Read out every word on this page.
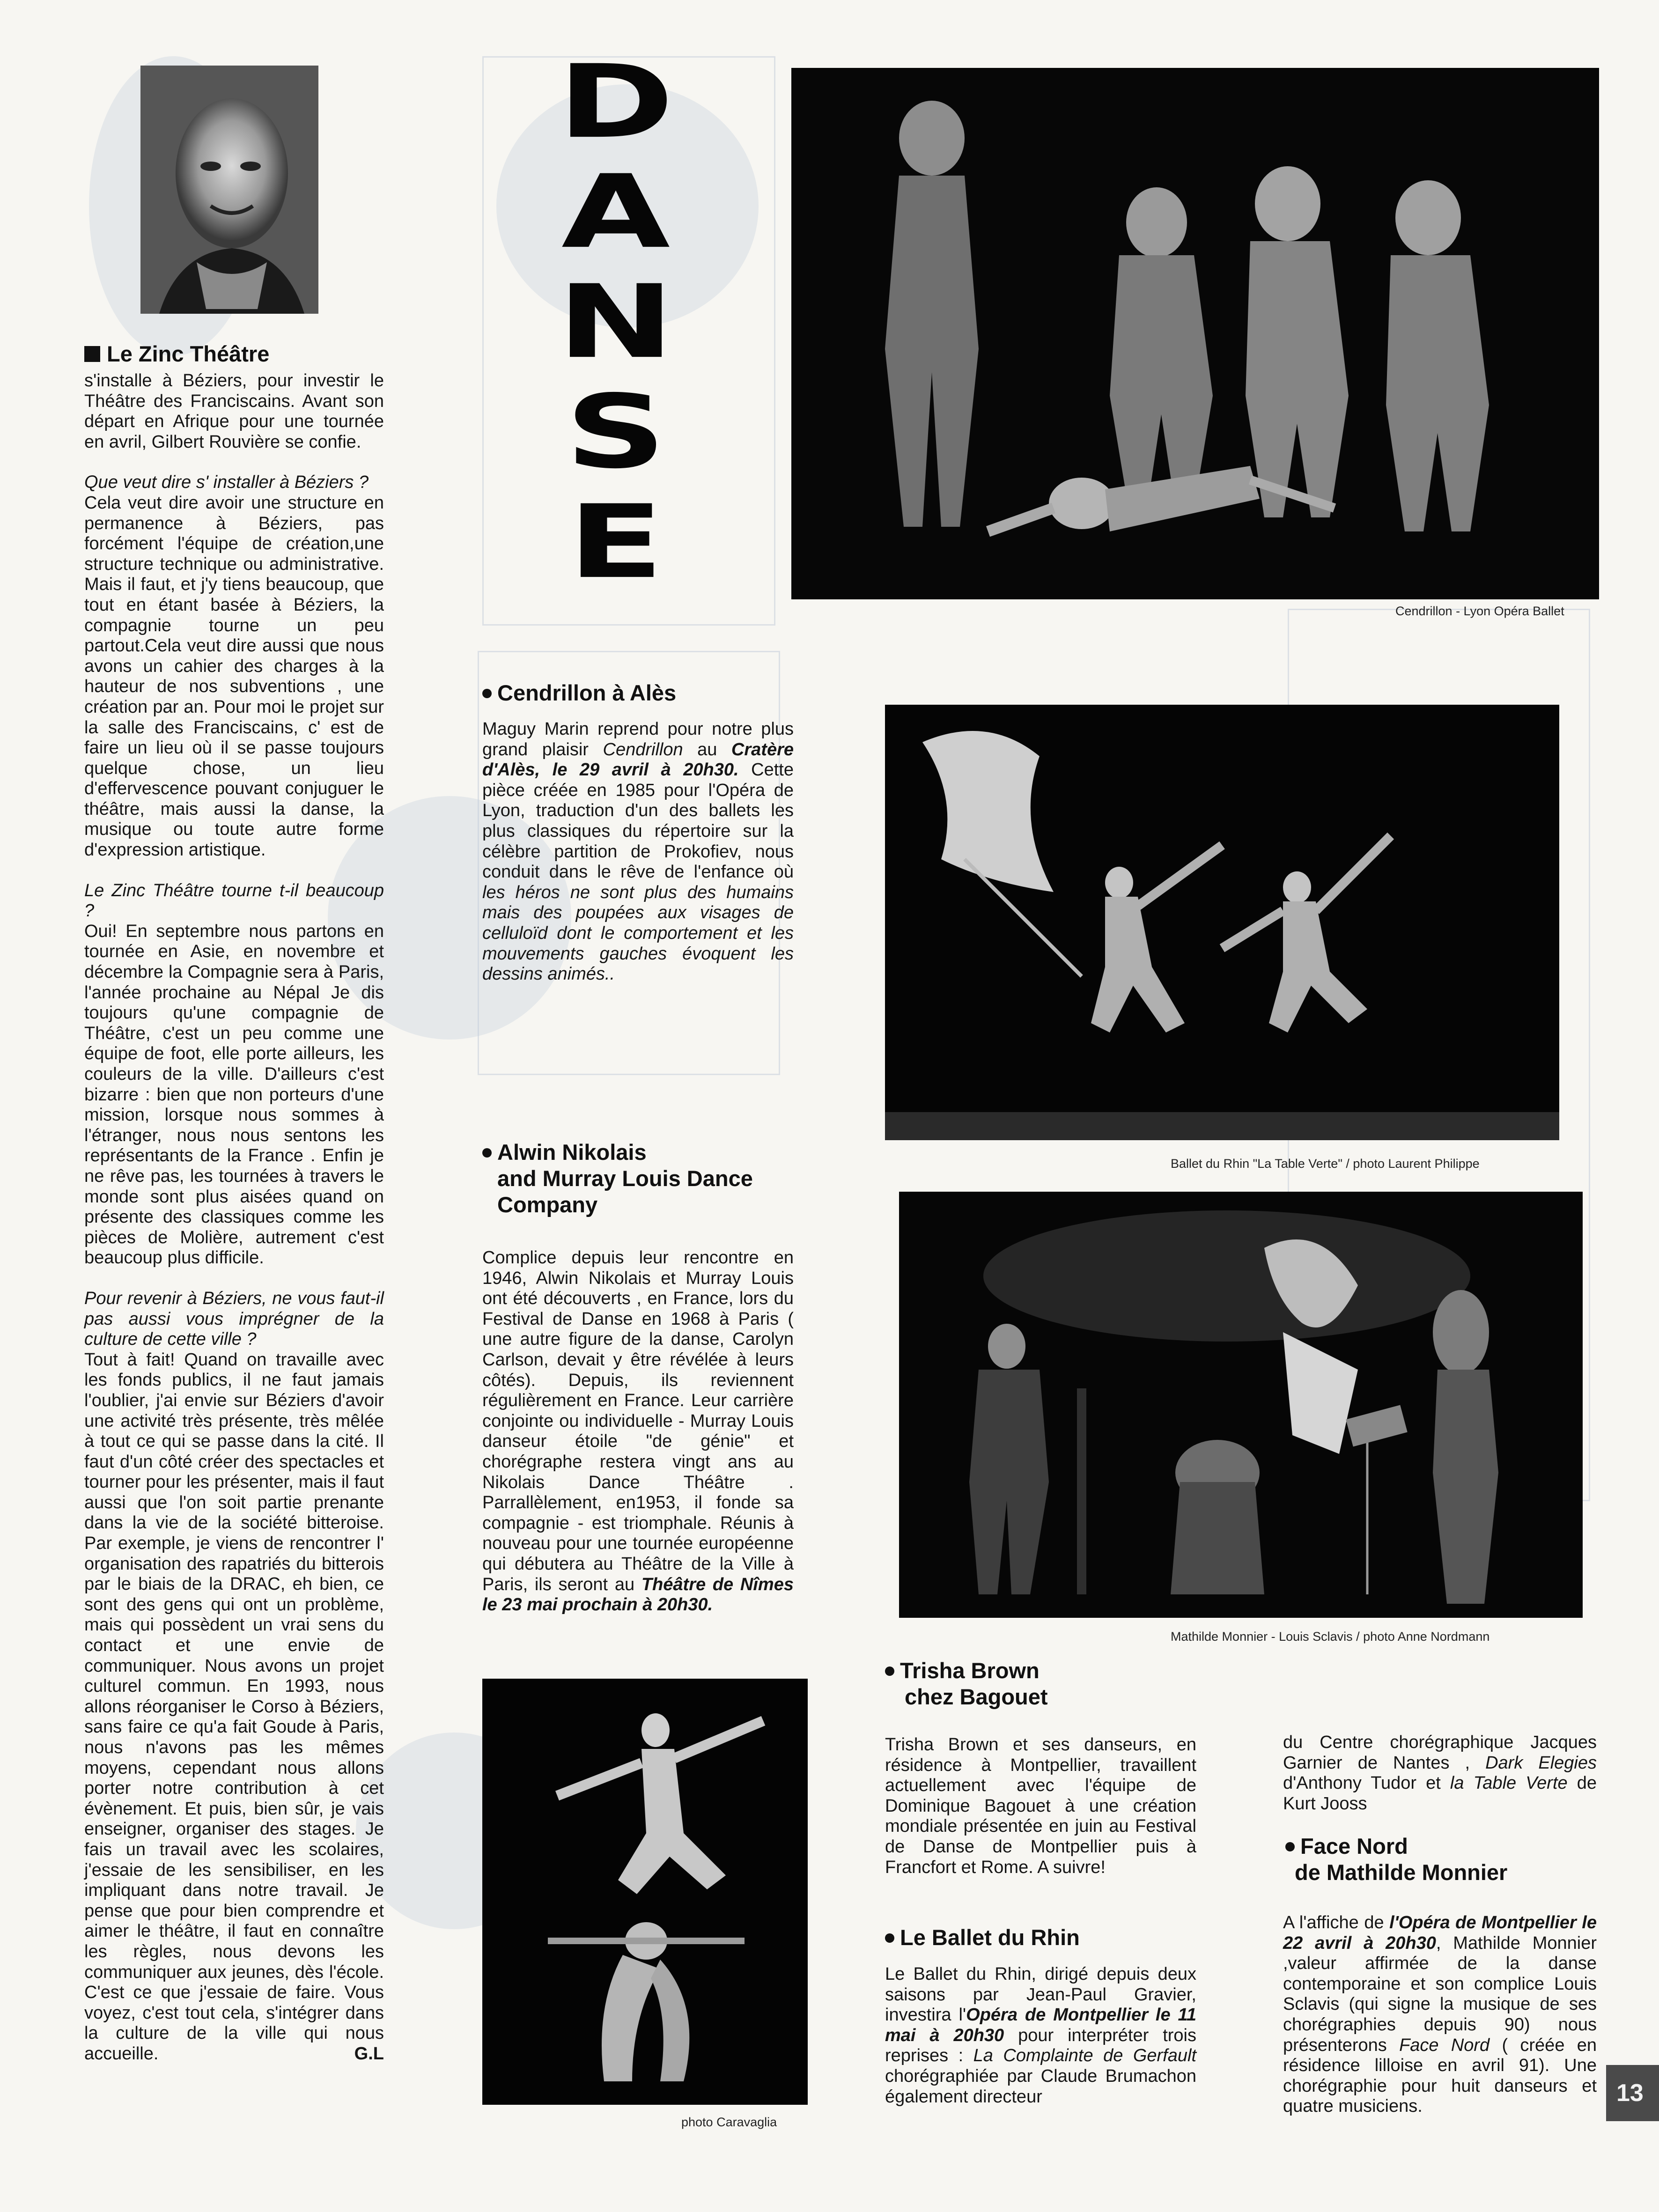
D
A
N
S
E
Cendrillon - Lyon Opéra Ballet
Ballet du Rhin "La Table Verte" / photo Laurent Philippe
Mathilde Monnier - Louis Sclavis / photo Anne Nordmann
photo Caravaglia
Le Zinc Théâtre

s'installe à Béziers, pour investir le Théâtre des Franciscains. Avant son départ en Afrique pour une tournée en avril, Gilbert Rouvière se confie.

Que veut dire s' installer à Béziers ?

Cela veut dire avoir une structure en permanence à Béziers, pas forcément l'équipe de création,une structure technique ou administrative. Mais il faut, et j'y tiens beaucoup, que tout en étant basée à Béziers, la compagnie tourne un peu partout.Cela veut dire aussi que nous avons un cahier des charges à la hauteur de nos subventions , une création par an. Pour moi le projet sur la salle des Franciscains, c' est de faire un lieu où il se passe toujours quelque chose, un lieu d'effervescence pouvant conjuguer le théâtre, mais aussi la danse, la musique ou toute autre forme d'expression artistique.

Le Zinc Théâtre tourne t-il beaucoup ?

Oui! En septembre nous partons en tournée en Asie, en novembre et décembre la Compagnie sera à Paris, l'année prochaine au Népal Je dis toujours qu'une compagnie de Théâtre, c'est un peu comme une équipe de foot, elle porte ailleurs, les couleurs de la ville. D'ailleurs c'est bizarre : bien que non porteurs d'une mission, lorsque nous sommes à l'étranger, nous nous sentons les représentants de la France . Enfin je ne rêve pas, les tournées à travers le monde sont plus aisées quand on présente des classiques comme les pièces de Molière, autrement c'est beaucoup plus difficile.

Pour revenir à Béziers, ne vous faut-il pas aussi vous imprégner de la culture de cette ville ?

Tout à fait! Quand on travaille avec les fonds publics, il ne faut jamais l'oublier, j'ai envie sur Béziers d'avoir une activité très présente, très mêlée à tout ce qui se passe dans la cité. Il faut d'un côté créer des spectacles et tourner pour les présenter, mais il faut aussi que l'on soit partie prenante dans la vie de la société bitteroise. Par exemple, je viens de rencontrer l' organisation des rapatriés du bitterois par le biais de la DRAC, eh bien, ce sont des gens qui ont un problème, mais qui possèdent un vrai sens du contact et une envie de communiquer. Nous avons un projet culturel commun. En 1993, nous allons réorganiser le Corso à Béziers, sans faire ce qu'a fait Goude à Paris, nous n'avons pas les mêmes moyens, cependant nous allons porter notre contribution à cet évènement. Et puis, bien sûr, je vais enseigner, organiser des stages. Je fais un travail avec les scolaires, j'essaie de les sensibiliser, en les impliquant dans notre travail. Je pense que pour bien comprendre et aimer le théâtre, il faut en connaître les règles, nous devons les communiquer aux jeunes, dès l'école. C'est ce que j'essaie de faire. Vous voyez, c'est tout cela, s'intégrer dans la culture de la ville qui nous accueille.	G.L

Cendrillon à Alès

Maguy Marin reprend pour notre plus grand plaisir Cendrillon au Cratère d'Alès, le 29 avril à 20h30. Cette pièce créée en 1985 pour l'Opéra de Lyon, traduction d'un des ballets les plus classiques du répertoire sur la célèbre partition de Prokofiev, nous conduit dans le rêve de l'enfance où les héros ne sont plus des humains mais des poupées aux visages de celluloïd dont le comportement et les mouvements gauches évoquent les dessins animés..

Alwin Nikolais
and Murray Louis Dance
Company

Complice depuis leur rencontre en 1946, Alwin Nikolais et Murray Louis ont été découverts , en France, lors du Festival de Danse en 1968 à Paris ( une autre figure de la danse, Carolyn Carlson, devait y être révélée à leurs côtés). Depuis, ils reviennent régulièrement en France. Leur carrière conjointe ou individuelle - Murray Louis danseur étoile "de génie" et chorégraphe restera vingt ans au Nikolais Dance Théâtre . Parrallèlement, en1953, il fonde sa compagnie - est triomphale. Réunis à nouveau pour une tournée européenne qui débutera au Théâtre de la Ville à Paris, ils seront au Théâtre de Nîmes le 23 mai prochain à 20h30.

Trisha Brown
chez Bagouet

Trisha Brown et ses danseurs, en résidence à Montpellier, travaillent actuellement avec l'équipe de Dominique Bagouet à une création mondiale présentée en juin au Festival de Danse de Montpellier puis à Francfort et Rome. A suivre!

Le Ballet du Rhin

Le Ballet du Rhin, dirigé depuis deux saisons par Jean-Paul Gravier, investira l'Opéra de Montpellier le 11 mai à 20h30 pour interpréter trois reprises : La Complainte de Gerfault chorégraphiée par Claude Brumachon également directeur

du Centre chorégraphique Jacques Garnier de Nantes , Dark Elegies d'Anthony Tudor et la Table Verte de Kurt Jooss

Face Nord
de Mathilde Monnier

A l'affiche de l'Opéra de Montpellier le 22 avril à 20h30, Mathilde Monnier ,valeur affirmée de la danse contemporaine et son complice Louis Sclavis (qui signe la musique de ses chorégraphies depuis 90) nous présenterons Face Nord ( créée en résidence lilloise en avril 91). Une chorégraphie pour huit danseurs et quatre musiciens.	13
